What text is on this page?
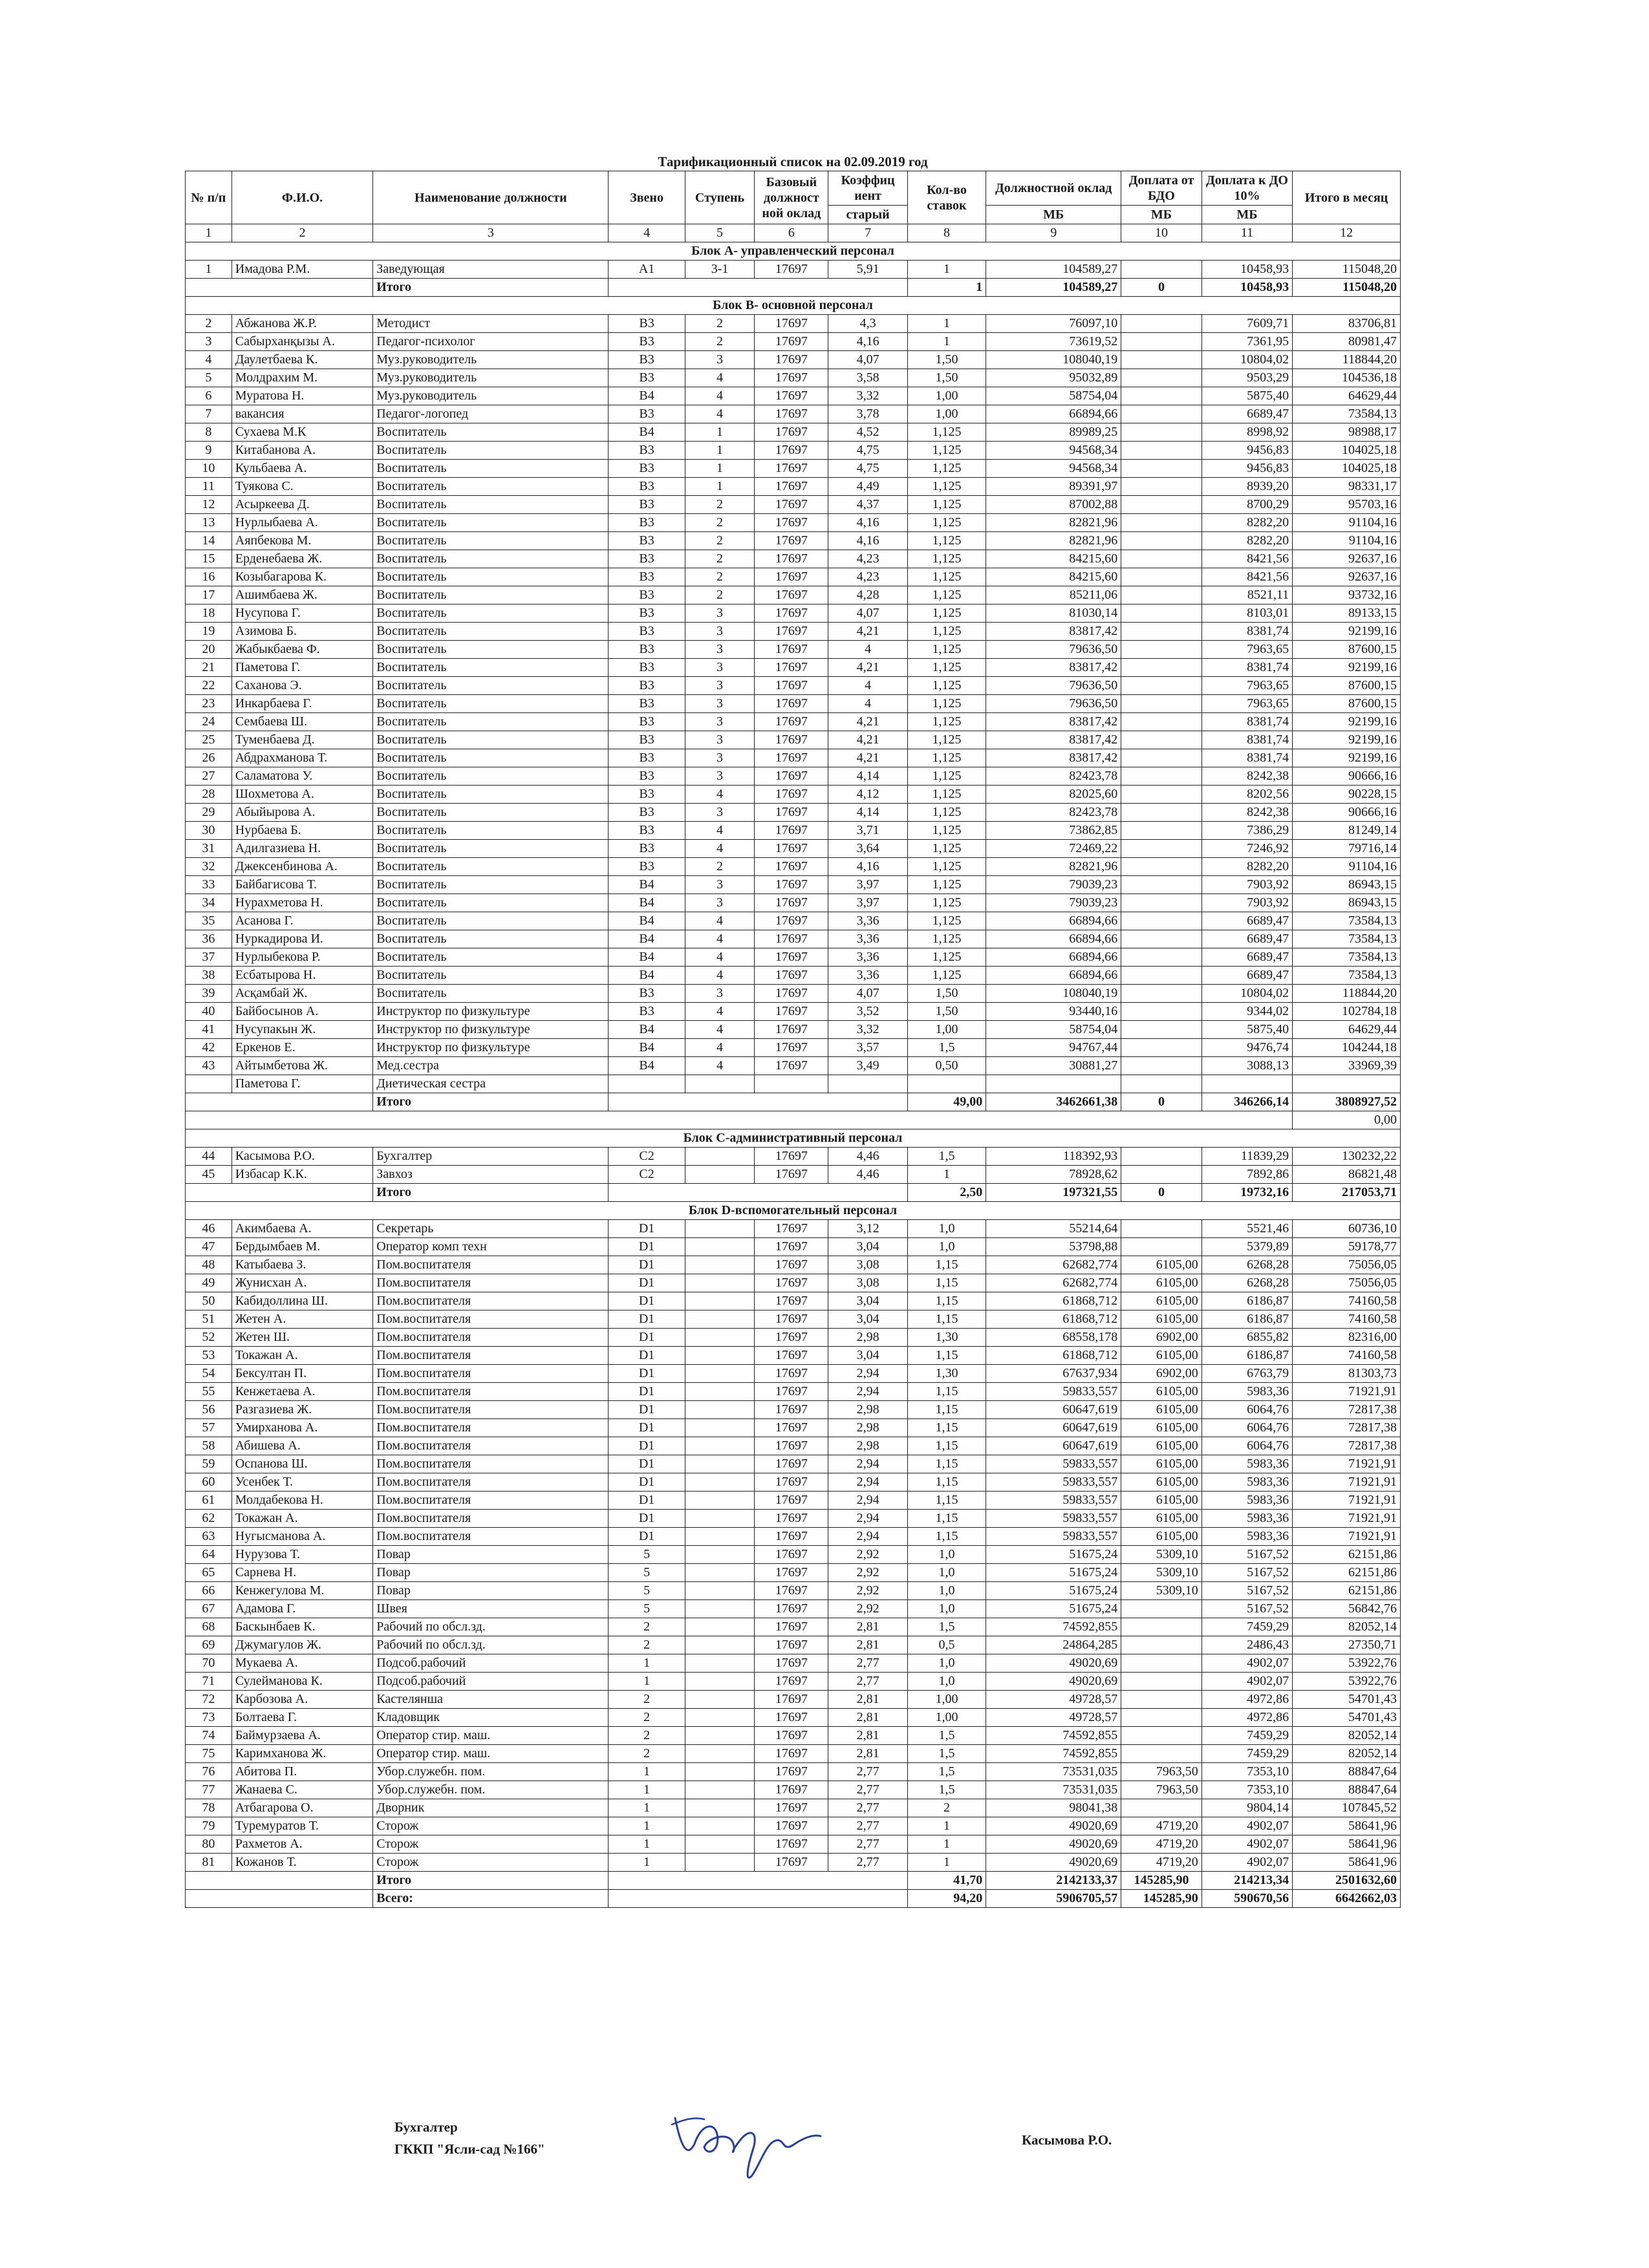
Тарификационный список на 02.09.2019 год
№ п/п	Ф.И.О.	Наименование должности	Звено	Ступень	Базовый должност ной оклад	Коэффиц иент	Кол-во ставок	Должностной оклад	Доплата от БДО	Доплата к ДО 10%	Итого в месяц
						старый		МБ	МБ	МБ	
1	2	3	4	5	6	7	8	9	10	11	12
Блок А- управленческий персонал											
1	Имадова Р.М.	Заведующая	А1	3-1	17697	5,91	1	104589,27		10458,93	115048,20
		Итого					1	104589,27	0	10458,93	115048,20
Блок В- основной персонал											
2	Абжанова Ж.Р.	Методист	В3	2	17697	4,3	1	76097,10		7609,71	83706,81
3	Сабырханқызы А.	Педагог-психолог	В3	2	17697	4,16	1	73619,52		7361,95	80981,47
4	Даулетбаева К.	Муз.руководитель	В3	3	17697	4,07	1,50	108040,19		10804,02	118844,20
5	Молдрахим М.	Муз.руководитель	В3	4	17697	3,58	1,50	95032,89		9503,29	104536,18
6	Муратова Н.	Муз.руководитель	В4	4	17697	3,32	1,00	58754,04		5875,40	64629,44
7	вакансия	Педагог-логопед	В3	4	17697	3,78	1,00	66894,66		6689,47	73584,13
8	Сухаева М.К	Воспитатель	В4	1	17697	4,52	1,125	89989,25		8998,92	98988,17
9	Китабанова А.	Воспитатель	В3	1	17697	4,75	1,125	94568,34		9456,83	104025,18
10	Кульбаева А.	Воспитатель	В3	1	17697	4,75	1,125	94568,34		9456,83	104025,18
11	Туякова С.	Воспитатель	В3	1	17697	4,49	1,125	89391,97		8939,20	98331,17
12	Асыркеева Д.	Воспитатель	В3	2	17697	4,37	1,125	87002,88		8700,29	95703,16
13	Нурлыбаева А.	Воспитатель	В3	2	17697	4,16	1,125	82821,96		8282,20	91104,16
14	Аяпбекова М.	Воспитатель	В3	2	17697	4,16	1,125	82821,96		8282,20	91104,16
15	Ерденебаева Ж.	Воспитатель	В3	2	17697	4,23	1,125	84215,60		8421,56	92637,16
16	Козыбагарова К.	Воспитатель	В3	2	17697	4,23	1,125	84215,60		8421,56	92637,16
17	Ашимбаева Ж.	Воспитатель	В3	2	17697	4,28	1,125	85211,06		8521,11	93732,16
18	Нусупова Г.	Воспитатель	В3	3	17697	4,07	1,125	81030,14		8103,01	89133,15
19	Азимова Б.	Воспитатель	В3	3	17697	4,21	1,125	83817,42		8381,74	92199,16
20	Жабыкбаева Ф.	Воспитатель	В3	3	17697	4	1,125	79636,50		7963,65	87600,15
21	Паметова Г.	Воспитатель	В3	3	17697	4,21	1,125	83817,42		8381,74	92199,16
22	Саханова Э.	Воспитатель	В3	3	17697	4	1,125	79636,50		7963,65	87600,15
23	Инкарбаева Г.	Воспитатель	В3	3	17697	4	1,125	79636,50		7963,65	87600,15
24	Сембаева Ш.	Воспитатель	В3	3	17697	4,21	1,125	83817,42		8381,74	92199,16
25	Туменбаева Д.	Воспитатель	В3	3	17697	4,21	1,125	83817,42		8381,74	92199,16
26	Абдрахманова Т.	Воспитатель	В3	3	17697	4,21	1,125	83817,42		8381,74	92199,16
27	Саламатова У.	Воспитатель	В3	3	17697	4,14	1,125	82423,78		8242,38	90666,16
28	Шохметова А.	Воспитатель	В3	4	17697	4,12	1,125	82025,60		8202,56	90228,15
29	Абыйырова А.	Воспитатель	В3	3	17697	4,14	1,125	82423,78		8242,38	90666,16
30	Нурбаева Б.	Воспитатель	В3	4	17697	3,71	1,125	73862,85		7386,29	81249,14
31	Адилгазиева Н.	Воспитатель	В3	4	17697	3,64	1,125	72469,22		7246,92	79716,14
32	Джексенбинова А.	Воспитатель	В3	2	17697	4,16	1,125	82821,96		8282,20	91104,16
33	Байбагисова Т.	Воспитатель	В4	3	17697	3,97	1,125	79039,23		7903,92	86943,15
34	Нурахметова Н.	Воспитатель	В4	3	17697	3,97	1,125	79039,23		7903,92	86943,15
35	Асанова Г.	Воспитатель	В4	4	17697	3,36	1,125	66894,66		6689,47	73584,13
36	Нуркадирова И.	Воспитатель	В4	4	17697	3,36	1,125	66894,66		6689,47	73584,13
37	Нурлыбекова Р.	Воспитатель	В4	4	17697	3,36	1,125	66894,66		6689,47	73584,13
38	Есбатырова Н.	Воспитатель	В4	4	17697	3,36	1,125	66894,66		6689,47	73584,13
39	Асқамбай Ж.	Воспитатель	В3	3	17697	4,07	1,50	108040,19		10804,02	118844,20
40	Байбосынов А.	Инструктор по физкультуре	В3	4	17697	3,52	1,50	93440,16		9344,02	102784,18
41	Нусупакын Ж.	Инструктор по физкультуре	В4	4	17697	3,32	1,00	58754,04		5875,40	64629,44
42	Еркенов Е.	Инструктор по физкультуре	В4	4	17697	3,57	1,5	94767,44		9476,74	104244,18
43	Айтымбетова Ж.	Мед.сестра	В4	4	17697	3,49	0,50	30881,27		3088,13	33969,39
	Паметова Г.	Диетическая сестра									
		Итого					49,00	3462661,38	0	346266,14	3808927,52
											0,00
Блок С-административный персонал											
44	Касымова Р.О.	Бухгалтер	С2		17697	4,46	1,5	118392,93		11839,29	130232,22
45	Избасар К.К.	Завхоз	С2		17697	4,46	1	78928,62		7892,86	86821,48
		Итого					2,50	197321,55	0	19732,16	217053,71
Блок D-вспомогательный персонал											
46	Акимбаева А.	Секретарь	D1		17697	3,12	1,0	55214,64		5521,46	60736,10
47	Бердымбаев М.	Оператор комп техн	D1		17697	3,04	1,0	53798,88		5379,89	59178,77
48	Катыбаева З.	Пом.воспитателя	D1		17697	3,08	1,15	62682,774	6105,00	6268,28	75056,05
49	Жунисхан А.	Пом.воспитателя	D1		17697	3,08	1,15	62682,774	6105,00	6268,28	75056,05
50	Кабидоллина Ш.	Пом.воспитателя	D1		17697	3,04	1,15	61868,712	6105,00	6186,87	74160,58
51	Жетен А.	Пом.воспитателя	D1		17697	3,04	1,15	61868,712	6105,00	6186,87	74160,58
52	Жетен Ш.	Пом.воспитателя	D1		17697	2,98	1,30	68558,178	6902,00	6855,82	82316,00
53	Токажан А.	Пом.воспитателя	D1		17697	3,04	1,15	61868,712	6105,00	6186,87	74160,58
54	Бексултан П.	Пом.воспитателя	D1		17697	2,94	1,30	67637,934	6902,00	6763,79	81303,73
55	Кенжетаева А.	Пом.воспитателя	D1		17697	2,94	1,15	59833,557	6105,00	5983,36	71921,91
56	Разгазиева Ж.	Пом.воспитателя	D1		17697	2,98	1,15	60647,619	6105,00	6064,76	72817,38
57	Умирханова А.	Пом.воспитателя	D1		17697	2,98	1,15	60647,619	6105,00	6064,76	72817,38
58	Абишева А.	Пом.воспитателя	D1		17697	2,98	1,15	60647,619	6105,00	6064,76	72817,38
59	Оспанова Ш.	Пом.воспитателя	D1		17697	2,94	1,15	59833,557	6105,00	5983,36	71921,91
60	Усенбек Т.	Пом.воспитателя	D1		17697	2,94	1,15	59833,557	6105,00	5983,36	71921,91
61	Молдабекова Н.	Пом.воспитателя	D1		17697	2,94	1,15	59833,557	6105,00	5983,36	71921,91
62	Токажан А.	Пом.воспитателя	D1		17697	2,94	1,15	59833,557	6105,00	5983,36	71921,91
63	Нугысманова А.	Пом.воспитателя	D1		17697	2,94	1,15	59833,557	6105,00	5983,36	71921,91
64	Нурузова Т.	Повар	5		17697	2,92	1,0	51675,24	5309,10	5167,52	62151,86
65	Сарнева Н.	Повар	5		17697	2,92	1,0	51675,24	5309,10	5167,52	62151,86
66	Кенжегулова М.	Повар	5		17697	2,92	1,0	51675,24	5309,10	5167,52	62151,86
67	Адамова Г.	Швея	5		17697	2,92	1,0	51675,24		5167,52	56842,76
68	Баскынбаев К.	Рабочий по обсл.зд.	2		17697	2,81	1,5	74592,855		7459,29	82052,14
69	Джумагулов Ж.	Рабочий по обсл.зд.	2		17697	2,81	0,5	24864,285		2486,43	27350,71
70	Мукаева А.	Подсоб.рабочий	1		17697	2,77	1,0	49020,69		4902,07	53922,76
71	Сулейманова К.	Подсоб.рабочий	1		17697	2,77	1,0	49020,69		4902,07	53922,76
72	Карбозова А.	Кастелянша	2		17697	2,81	1,00	49728,57		4972,86	54701,43
73	Болтаева Г.	Кладовщик	2		17697	2,81	1,00	49728,57		4972,86	54701,43
74	Баймурзаева А.	Оператор стир. маш.	2		17697	2,81	1,5	74592,855		7459,29	82052,14
75	Каримханова Ж.	Оператор стир. маш.	2		17697	2,81	1,5	74592,855		7459,29	82052,14
76	Абитова П.	Убор.служебн. пом.	1		17697	2,77	1,5	73531,035	7963,50	7353,10	88847,64
77	Жанаева С.	Убор.служебн. пом.	1		17697	2,77	1,5	73531,035	7963,50	7353,10	88847,64
78	Атбагарова О.	Дворник	1		17697	2,77	2	98041,38		9804,14	107845,52
79	Туремуратов Т.	Сторож	1		17697	2,77	1	49020,69	4719,20	4902,07	58641,96
80	Рахметов А.	Сторож	1		17697	2,77	1	49020,69	4719,20	4902,07	58641,96
81	Кожанов Т.	Сторож	1		17697	2,77	1	49020,69	4719,20	4902,07	58641,96
		Итого					41,70	2142133,37	145285,90	214213,34	2501632,60
		Всего:					94,20	5906705,57	145285,90	590670,56	6642662,03
Бухгалтер
ГККП "Ясли-сад №166"
Касымова Р.О.
